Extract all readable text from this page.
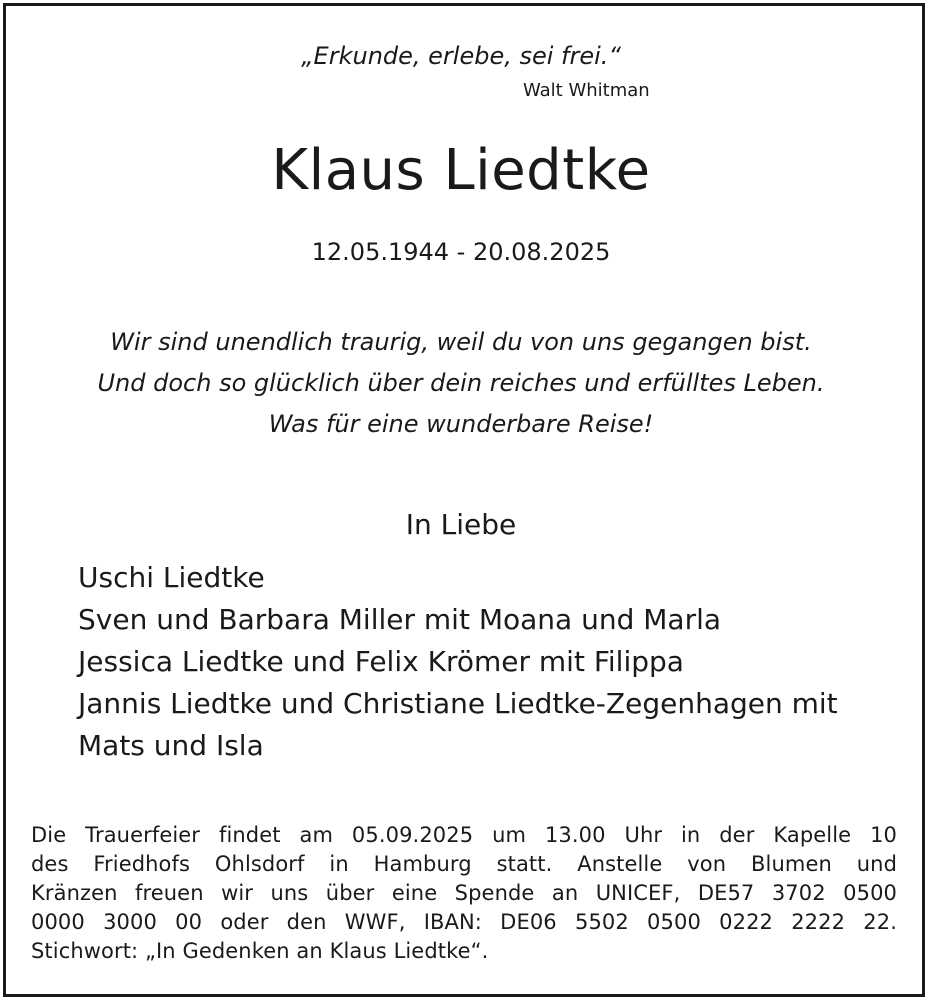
„Erkunde, erlebe, sei frei.“
Walt Whitman
Klaus Liedtke
12.05.1944 - 20.08.2025
Wir sind unendlich traurig, weil du von uns gegangen bist.
Und doch so glücklich über dein reiches und erfülltes Leben.
Was für eine wunderbare Reise!
In Liebe
Uschi Liedtke
Sven und Barbara Miller mit Moana und Marla
Jessica Liedtke und Felix Krömer mit Filippa
Jannis Liedtke und Christiane Liedtke-Zegenhagen mit
Mats und Isla
Die Trauerfeier findet am 05.09.2025 um 13.00 Uhr in der Kapelle 10
des Friedhofs Ohlsdorf in Hamburg statt. Anstelle von Blumen und
Kränzen freuen wir uns über eine Spende an UNICEF, DE57 3702 0500
0000 3000 00 oder den WWF, IBAN: DE06 5502 0500 0222 2222 22.
Stichwort: „In Gedenken an Klaus Liedtke“.
